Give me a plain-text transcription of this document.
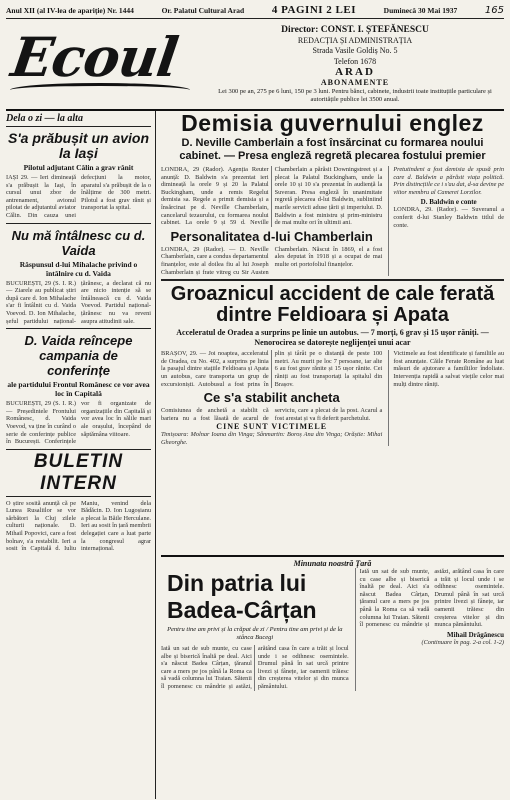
Anul XII (al IV-lea de apariție) Nr. 1444	Or. Palatul Cultural Arad	4 PAGINI 2 LEI	Duminecă 30 Mai 1937	165
Ecoul	Director: CONST. I. ȘTEFĂNESCU
REDACȚIA ȘI ADMINISTRAȚIA
Strada Vasile Goldiș No. 5
Telefon 1678
ARAD
ABONAMENTE
Lei 300 pe an, 275 pe 6 luni, 150 pe 3 luni. Pentru bănci, cabinete, industrii toate instituțiile particulare și autoritățile publice lei 3500 anual.
Dela o zi — la alta
S'a prăbușit un avion la Iași
Pilotul adjutant Călin a grav rănit
IAȘI 29. — Ieri dimineață s'a prăbușit la Iași, în cursul unui zbor de antrenament, avionul pilotat de adjutantul aviator Călin. Din cauza unei defecțiuni la motor, aparatul s'a prăbușit de la o înălțime de 300 metri. Pilotul a fost grav rănit și transportat la spital.
Nu mă întâlnesc cu d. Vaida
Răspunsul d-lui Mihalache privind o întâlnire cu d. Vaida
BUCUREȘTI, 29 (S. I. R.) — Ziarele au publicat știri după care d. Ion Mihalache s'ar fi întâlnit cu d. Vaida Voevod. D. Ion Mihalache, șeful partidului național-țărănesc, a declarat că nu are nicio intenție să se întâlnească cu d. Vaida Voevod. Partidul național-țărănesc nu va reveni asupra atitudinii sale.
D. Vaida reîncepe campania de conferințe
ale partidului Frontul Românesc ce vor avea loc în Capitală
BUCUREȘTI, 29 (S. I. R.) — Președintele Frontului Românesc, d. Vaida Voevod, va ține în curând o serie de conferințe publice în București. Conferințele vor fi organizate de organizațiile din Capitală și vor avea loc în sălile mari ale orașului, începând de săptămâna viitoare.
BULETIN INTERN
O știre sosită anunță că pe Lunea Rusaliilor se vor sărbători la Cluj zilele culturii naționale. D. Mihail Popovici, care a fost bolnav, s'a restabilit. Ieri a sosit în Capitală d. Iuliu Maniu, venind dela Bădăcin. D. Ion Lugoșianu a plecat la Băile Herculane. Ieri au sosit în țară membrii delegației care a luat parte la congresul agrar internațional.
Demisia guvernului englez
D. Neville Camberlain a fost însărcinat cu formarea noului cabinet. — Presa engleză regretă plecarea fostului premier
LONDRA, 29 (Rador). Agenția Reuter anunță: D. Baldwin s'a prezentat ieri dimineață la orele 9 și 20 la Palatul Buckingham, unde a remis Regelui demisia sa. Regele a primit demisia și a însărcinat pe d. Neville Chamberlain, cancelarul tezaurului, cu formarea noului cabinet. La orele 9 și 59 d. Neville Chamberlain a părăsit Downingstreet și a plecat la Palatul Buckingham, unde la orele 10 și 10 s'a prezentat în audiență la Suveran. Presa engleză în unanimitate regretă plecarea d-lui Baldwin, subliniind marile servicii aduse țării și imperiului. D. Baldwin a fost ministru și prim-ministru de mai multe ori în ultimii ani.
Personalitatea d-lui Chamberlain
LONDRA, 29 (Rador). — D. Neville Chamberlain, care a condus departamentul finanțelor, este al doilea fiu al lui Joseph Chamberlain și frate vitreg cu Sir Austen Chamberlain. Născut în 1869, el a fost ales deputat în 1918 și a ocupat de mai multe ori portofoliul finanțelor.
Pretutindeni a fost demisia de spusă prin care d. Baldwin a părăsit viața politică. Prin distincțiile ce i s'au dat, d-sa devine pe viitor membru al Camerei Lorzilor.
D. Baldwin e conte
LONDRA, 29. (Rador). — Suveranul a conferit d-lui Stanley Baldwin titlul de conte.
Groaznicul accident de cale ferată dintre Feldioara și Apata
Acceleratul de Oradea a surprins pe linie un autobus. — 7 morți, 6 grav și 15 ușor răniți. — Nenorocirea se datorește neglijenței unui acar
BRAȘOV, 29. — Joi noaptea, acceleratul de Oradea, cu No. 402, a surprins pe linia la pasajul dintre stațiile Feldioara și Apata un autobus, care transporta un grup de excursioniști. Autobusul a fost prins în plin și târât pe o distanță de peste 100 metri. Au murit pe loc 7 persoane, iar alte 6 au fost grav rănite și 15 ușor rănite. Cei răniți au fost transportați la spitalul din Brașov.
Ce s'a stabilit ancheta
Comisiunea de anchetă a stabilit că bariera nu a fost lăsată de acarul de serviciu, care a plecat de la post. Acarul a fost arestat și va fi deferit parchetului.
CINE SUNT VICTIMELE
Timișoara: Molnar Ioana din Vinga; Sânmartin: Boroș Ana din Vinga; Orăștie: Mihai Gheorghe.
Victimele au fost identificate și familiile au fost anunțate. Căile Ferate Române au luat măsuri de ajutorare a familiilor îndoliate. Intervenția rapidă a salvat viețile celor mai mulți dintre răniți.
Minunata noastră Țară
Din patria lui Badea-Cârțan
Pentru tine am privi și la crăpat de zi / Pentru tine am privi și de la stânca Bucegi
Iată un sat de sub munte, cu case albe și biserică înaltă pe deal. Aici s'a născut Badea Cârțan, țăranul care a mers pe jos până la Roma ca să vadă columna lui Traian. Sătenii îl pomenesc cu mândrie și astăzi, arătând casa în care a trăit și locul unde i se odihnesc osemintele. Drumul până în sat urcă printre livezi și fânețe, iar oamenii trăiesc din creșterea vitelor și din munca pământului.
Iată un sat de sub munte, cu case albe și biserică înaltă pe deal. Aici s'a născut Badea Cârțan, țăranul care a mers pe jos până la Roma ca să vadă columna lui Traian. Sătenii îl pomenesc cu mândrie și astăzi, arătând casa în care a trăit și locul unde i se odihnesc osemintele. Drumul până în sat urcă printre livezi și fânețe, iar oamenii trăiesc din creșterea vitelor și din munca pământului.
Mihail Drăgănescu
(Continuare în pag. 2-a col. 1-2)
